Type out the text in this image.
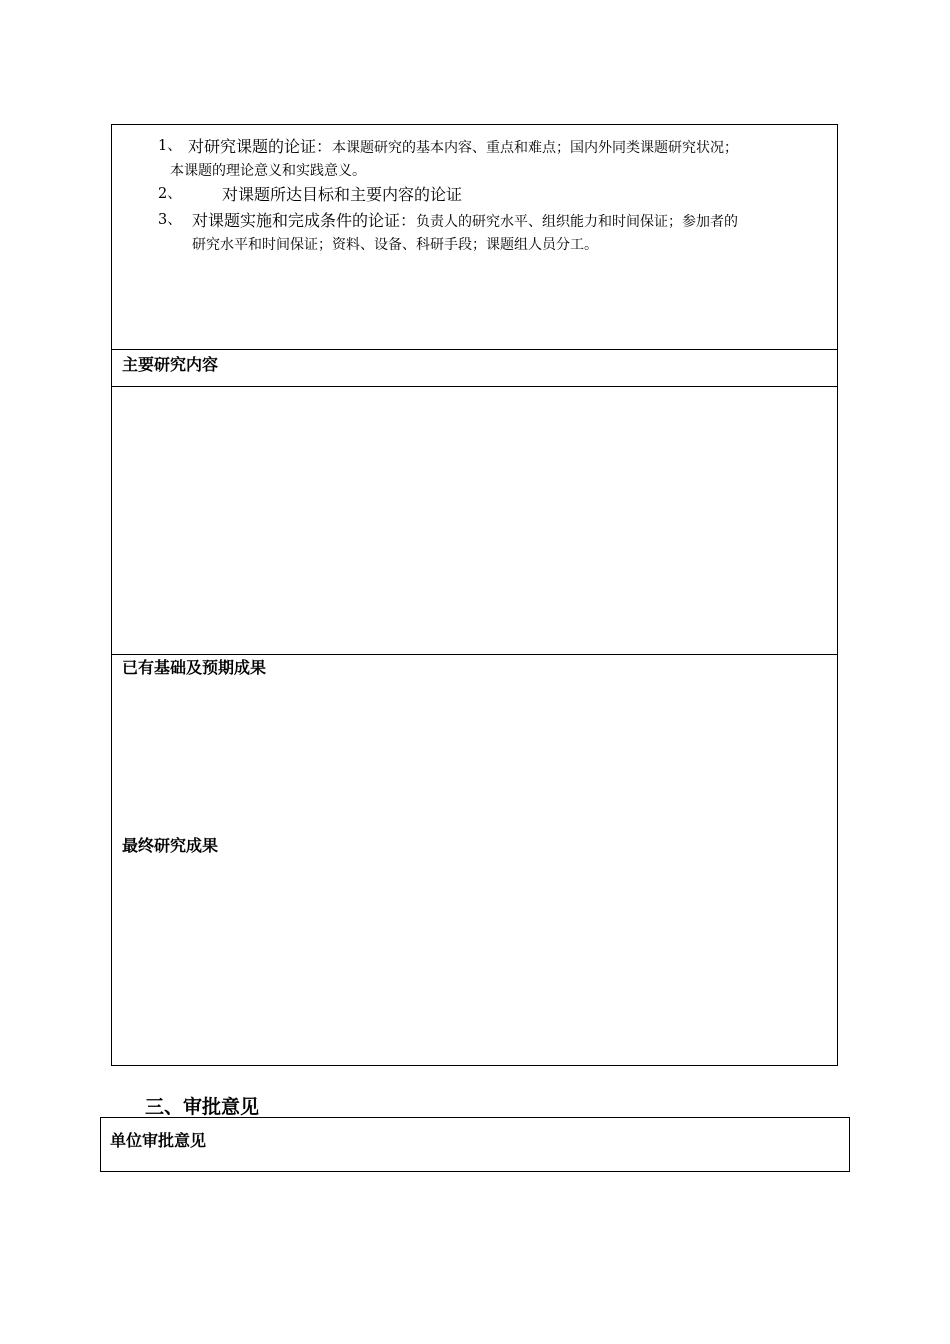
1、 对研究课题的论证：本课题研究的基本内容、重点和难点；国内外同类课题研究状况；
本课题的理论意义和实践意义。
2、	对课题所达目标和主要内容的论证
3、 对课题实施和完成条件的论证：负责人的研究水平、组织能力和时间保证；参加者的
研究水平和时间保证；资料、设备、科研手段；课题组人员分工。
主要研究内容
已有基础及预期成果
最终研究成果
三、审批意见
单位审批意见
